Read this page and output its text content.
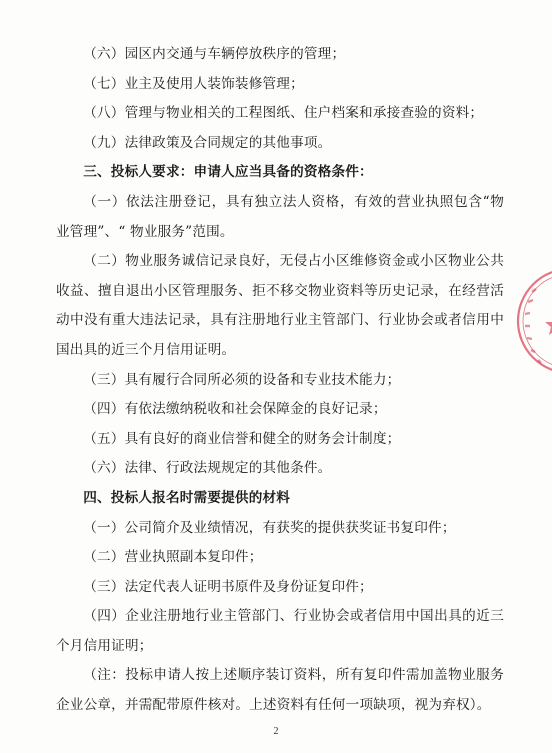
（六）园区内交通与车辆停放秩序的管理；

（七）业主及使用人装饰装修管理；

（八）管理与物业相关的工程图纸、住户档案和承接查验的资料；

（九）法律政策及合同规定的其他事项。

三、投标人要求：申请人应当具备的资格条件：

（一）依法注册登记，具有独立法人资格，有效的营业执照包含“物业管理”、“ 物业服务”范围。

（二）物业服务诚信记录良好，无侵占小区维修资金或小区物业公共收益、擅自退出小区管理服务、拒不移交物业资料等历史记录，在经营活动中没有重大违法记录，具有注册地行业主管部门、行业协会或者信用中国出具的近三个月信用证明。

（三）具有履行合同所必须的设备和专业技术能力；

（四）有依法缴纳税收和社会保障金的良好记录；

（五）具有良好的商业信誉和健全的财务会计制度；

（六）法律、行政法规规定的其他条件。

四、投标人报名时需要提供的材料

（一）公司简介及业绩情况，有获奖的提供获奖证书复印件；

（二）营业执照副本复印件；

（三）法定代表人证明书原件及身份证复印件；

（四）企业注册地行业主管部门、行业协会或者信用中国出具的近三个月信用证明；

（注：投标申请人按上述顺序装订资料，所有复印件需加盖物业服务企业公章，并需配带原件核对。上述资料有任何一项缺项，视为弃权）。

2
